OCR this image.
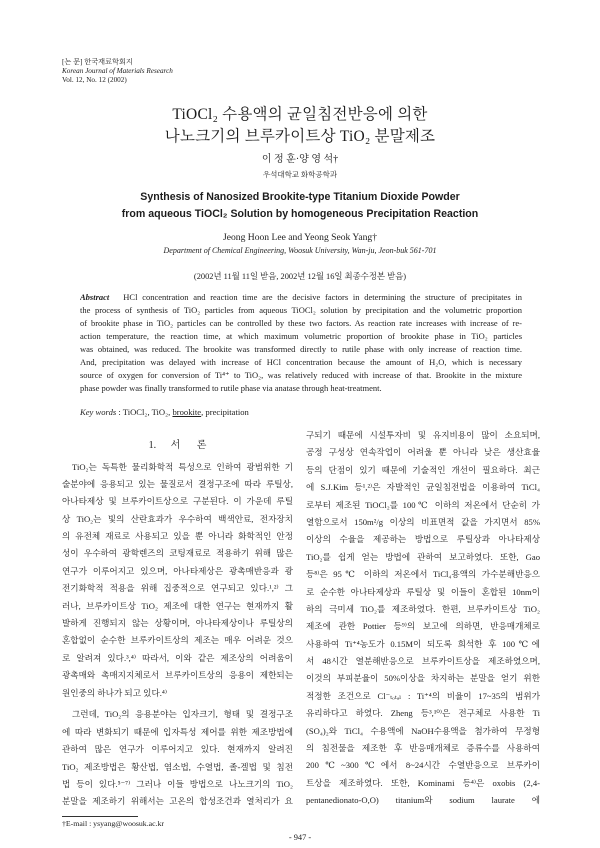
[논 문] 한국재료학회지
Korean Journal of Materials Research
Vol. 12, No. 12 (2002)
TiOCl₂ 수용액의 균일침전반응에 의한
나노크기의 브루카이트상 TiO₂ 분말제조
이 정 훈·양 영 석†
우석대학교 화학공학과
Synthesis of Nanosized Brookite-type Titanium Dioxide Powder
from aqueous TiOCl₂ Solution by homogeneous Precipitation Reaction
Jeong Hoon Lee and Yeong Seok Yang†
Department of Chemical Engineering, Woosuk University, Wan-ju, Jeon-buk 561-701
(2002년 11월 11일 받음, 2002년 12월 16일 최종수정본 받음)
Abstract HCl concentration and reaction time are the decisive factors in determining the structure of precipitates in
the process of synthesis of TiO₂ particles from aqueous TiOCl₂ solution by precipitation and the volumetric proportion
of brookite phase in TiO₂ particles can be controlled by these two factors. As reaction rate increases with increase of re-
action temperature, the reaction time, at which maximum volumetric proportion of brookite phase in TiO₂ particles
was obtained, was reduced. The brookite was transformed directly to rutile phase with only increase of reaction time.
And, precipitation was delayed with increase of HCl concentration because the amount of H₂O, which is necessary
source of oxygen for conversion of Ti⁴⁺ to TiO₂, was relatively reduced with increase of that. Brookite in the mixture
phase powder was finally transformed to rutile phase via anatase through heat-treatment.
Key words : TiOCl₂, TiO₂, brookite, precipitation
1. 서 론
TiO₂는 독특한 물리화학적 특성으로 인하여 광범위한 기
술분야에 응용되고 있는 물질로서 결정구조에 따라 루틸상,
아나타제상 및 브루카이트상으로 구분된다. 이 가운데 루틸
상 TiO₂는 빛의 산란효과가 우수하여 백색안료, 전자장치
의 유전체 재료로 사용되고 있을 뿐 아니라 화학적인 안정
성이 우수하여 광학렌즈의 코팅재료로 적용하기 위해 많은
연구가 이루어지고 있으며, 아나타제상은 광촉매반응과 광
전기화학적 적용을 위해 집중적으로 연구되고 있다.¹,²⁾ 그
러나, 브루카이트상 TiO₂ 제조에 대한 연구는 현재까지 활
발하게 진행되지 않는 상황이며, 아나타제상이나 루틸상의
혼합없이 순수한 브루카이트상의 제조는 매우 어려운 것으
로 알려져 있다.³,⁴⁾ 따라서, 이와 같은 제조상의 어려움이
광촉매와 촉매지지체로서 브루카이트상의 응용이 제한되는
원인중의 하나가 되고 있다.⁴⁾
그런데, TiO₂의 응용분야는 입자크기, 형태 및 결정구조
에 따라 변화되기 때문에 입자특성 제어를 위한 제조방법에
관하여 많은 연구가 이루어지고 있다. 현재까지 알려진
TiO₂ 제조방법은 황산법, 염소법, 수열법, 졸-겔법 및 침전
법 등이 있다.⁵⁻⁷⁾ 그러나 이들 방법으로 나노크기의 TiO₂
분말을 제조하기 위해서는 고온의 합성조건과 열처리가 요
구되기 때문에 시설투자비 및 유지비용이 많이 소요되며,
공정 구성상 연속작업이 어려울 뿐 아니라 낮은 생산효율
등의 단점이 있기 때문에 기술적인 개선이 필요하다. 최근
에 S.J.Kim 등¹,²⁾은 자발적인 균일침전법을 이용하여 TiCl₄
로부터 제조된 TiOCl₂를 100℃ 이하의 저온에서 단순히 가
열함으로서 150m²/g 이상의 비표면적 값을 가지면서 85%
이상의 수율을 제공하는 방법으로 루틸상과 아나타제상
TiO₂를 쉽게 얻는 방법에 관하여 보고하였다. 또한, Gao
등⁸⁾은 95℃ 이하의 저온에서 TiCl₄용액의 가수분해반응으
로 순수한 아나타제상과 루틸상 및 이들이 혼합된 10nm이
하의 극미세 TiO₂를 제조하였다. 한편, 브루카이트상 TiO₂
제조에 관한 Pottier 등⁹⁾의 보고에 의하면, 반응매개체로
사용하여 Ti⁺⁴농도가 0.15M이 되도록 희석한 후 100℃에
서 48시간 열분해반응으로 브루카이트상을 제조하였으며,
이것의 부피분율이 50%이상을 차지하는 분말을 얻기 위한
적정한 조건으로 Cl⁻ₜₒₜₐₗ : Ti⁺⁴의 비율이 17~35의 범위가
유리하다고 하였다. Zheng 등³,¹⁰⁾은 전구체로 사용한 Ti
(SO₄)₂와 TiCl₄ 수용액에 NaOH수용액을 첨가하여 무정형
의 침전물을 제조한 후 반응매개체로 증류수를 사용하여
200℃~300℃에서 8~24시간 수열반응으로 브루카이
트상을 제조하였다. 또한, Kominami 등⁴⁾은 oxobis (2,4-
pentanedionato-O,O) titanium와 sodium laurate 에
†E-mail : ysyang@woosuk.ac.kr
- 947 -
